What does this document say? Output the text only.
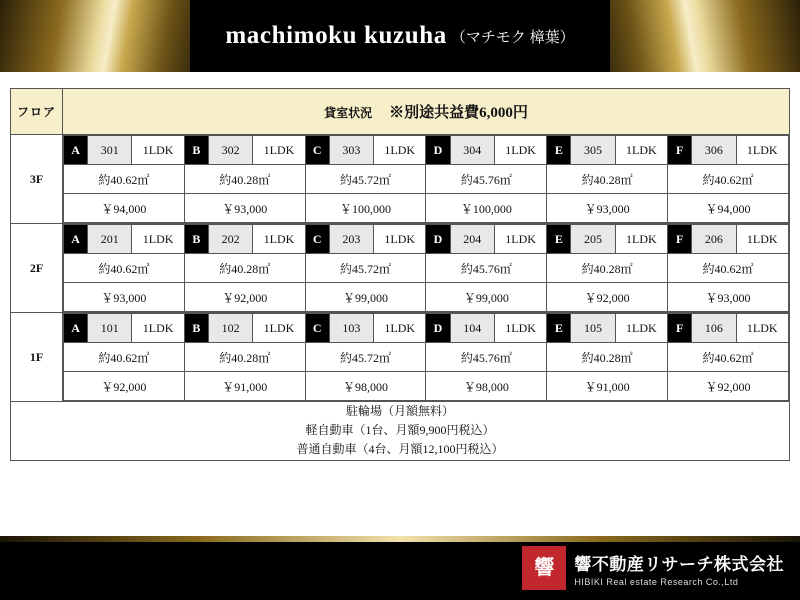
machimoku kuzuha （マチモク 樟葉）
フロア	貸室状況 ※別途共益費6,000円
3F	
A	301	1LDK	B	302	1LDK	C	303	1LDK	D	304	1LDK	E	305	1LDK	F	306	1LDK
約40.62㎡	約40.28㎡	約45.72㎡	約45.76㎡	約40.28㎡	約40.62㎡
￥94,000	￥93,000	￥100,000	￥100,000	￥93,000	￥94,000

2F	
A	201	1LDK	B	202	1LDK	C	203	1LDK	D	204	1LDK	E	205	1LDK	F	206	1LDK
約40.62㎡	約40.28㎡	約45.72㎡	約45.76㎡	約40.28㎡	約40.62㎡
￥93,000	￥92,000	￥99,000	￥99,000	￥92,000	￥93,000

1F	
A	101	1LDK	B	102	1LDK	C	103	1LDK	D	104	1LDK	E	105	1LDK	F	106	1LDK
約40.62㎡	約40.28㎡	約45.72㎡	約45.76㎡	約40.28㎡	約40.62㎡
￥92,000	￥91,000	￥98,000	￥98,000	￥91,000	￥92,000

駐輪場（月額無料）
軽自動車（1台、月額9,900円税込）
普通自動車（4台、月額12,100円税込）
響	響不動産リサーチ株式会社
HIBIKI Real estate Research Co.,Ltd
